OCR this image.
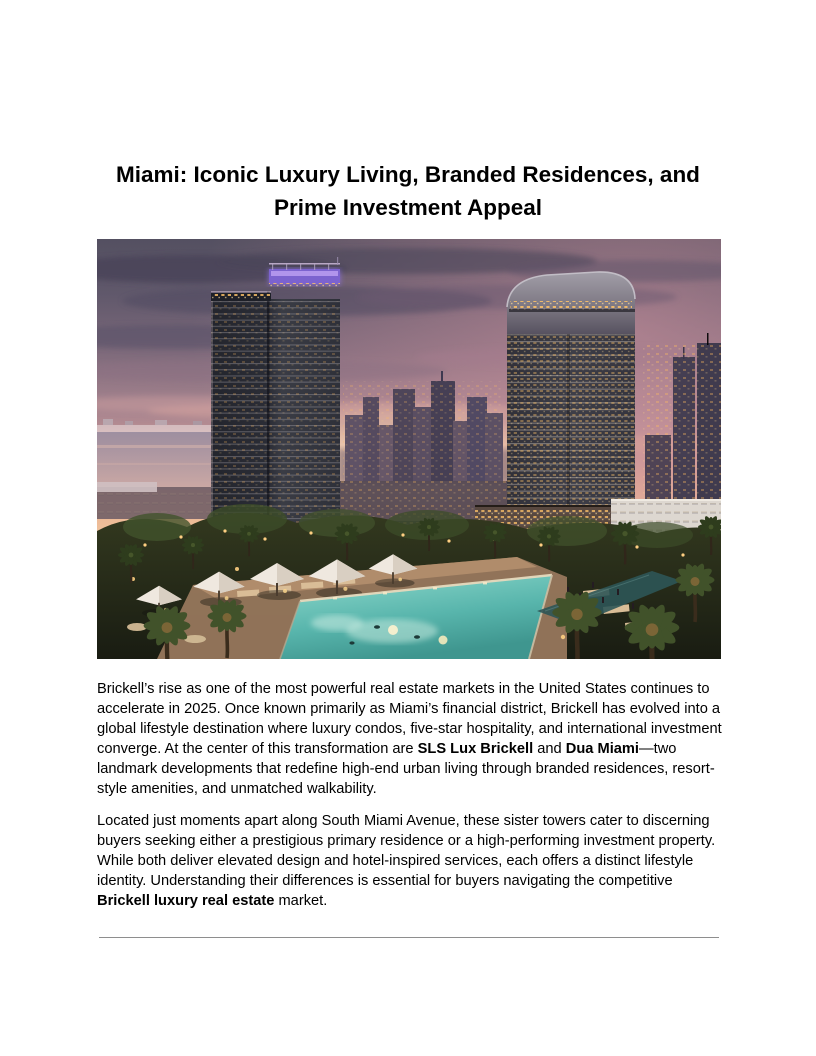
Miami: Iconic Luxury Living, Branded Residences, and
Prime Investment Appeal

Brickell’s rise as one of the most powerful real estate markets in the United States continues to accelerate in 2025. Once known primarily as Miami’s financial district, Brickell has evolved into a global lifestyle destination where luxury condos, five-star hospitality, and international investment converge. At the center of this transformation are SLS Lux Brickell and Dua Miami—two landmark developments that redefine high-end urban living through branded residences, resort-style amenities, and unmatched walkability.

Located just moments apart along South Miami Avenue, these sister towers cater to discerning buyers seeking either a prestigious primary residence or a high-performing investment property. While both deliver elevated design and hotel-inspired services, each offers a distinct lifestyle identity. Understanding their differences is essential for buyers navigating the competitive Brickell luxury real estate market.
